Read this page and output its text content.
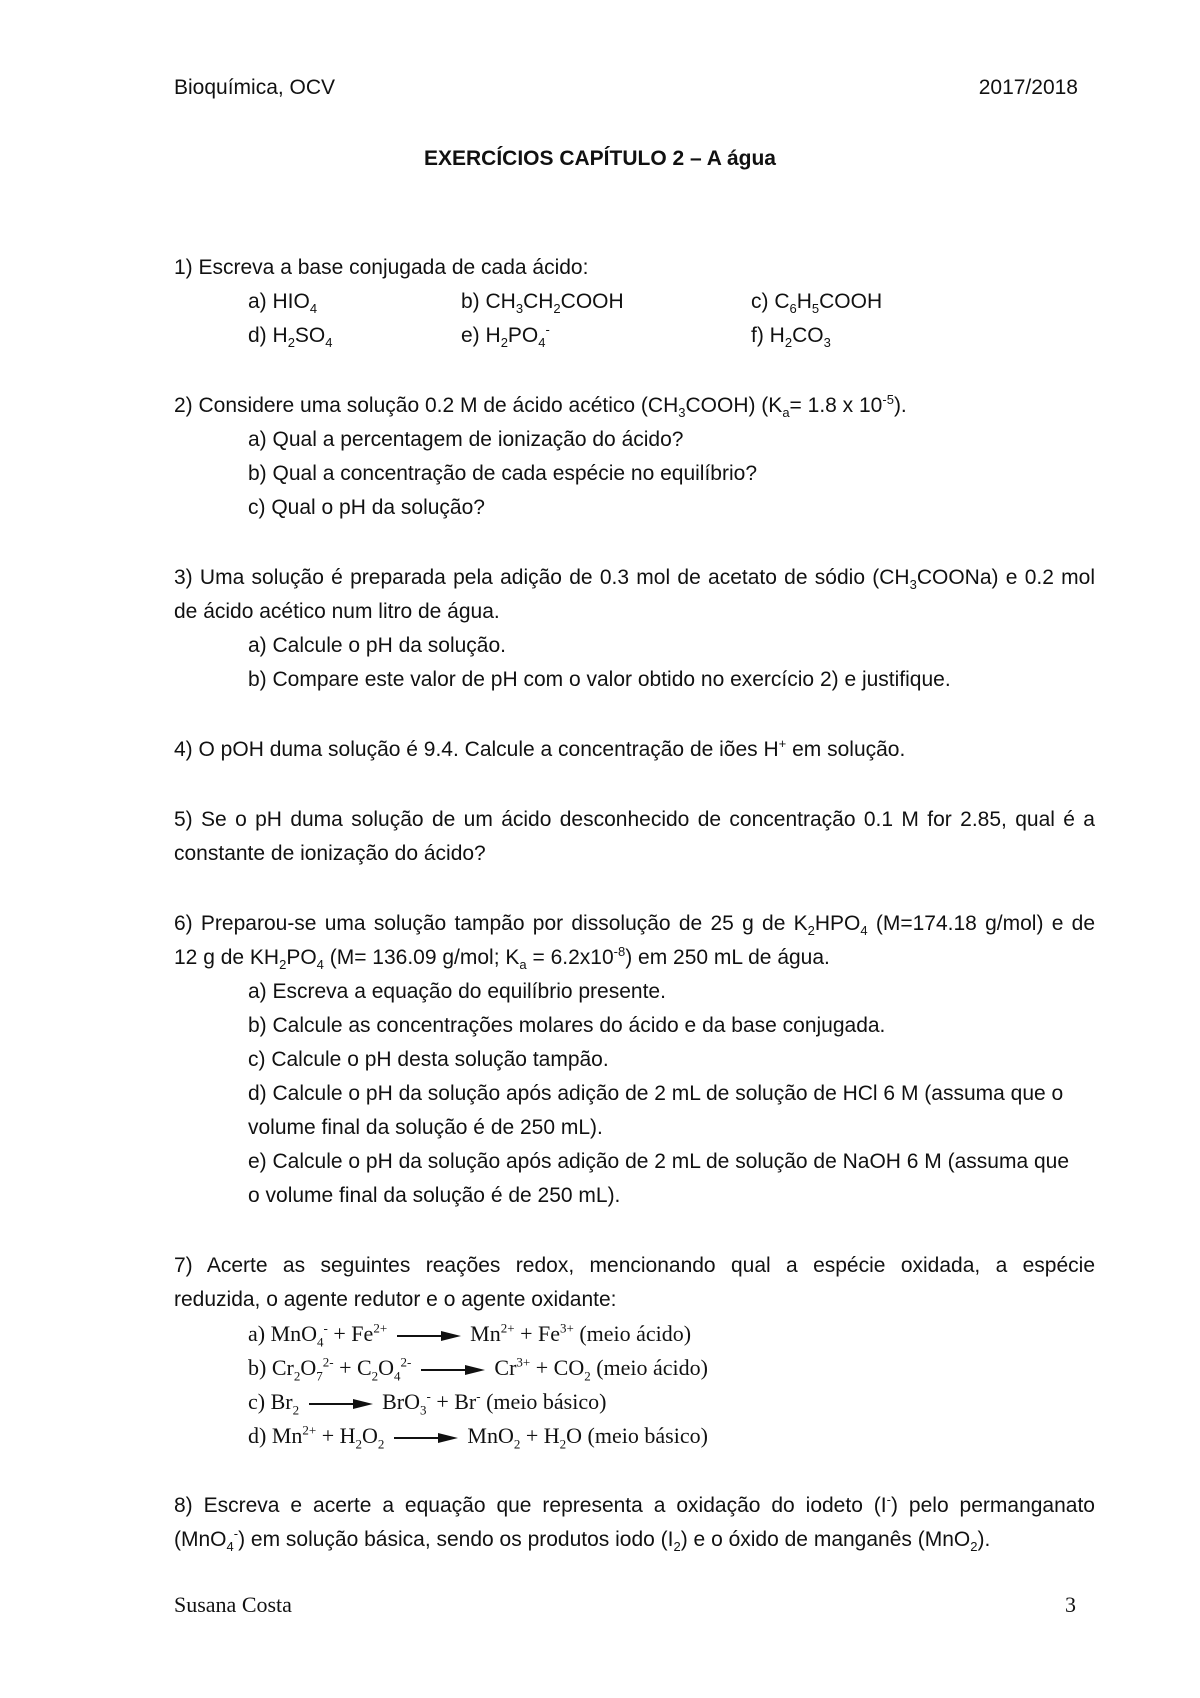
Bioquímica, OCV	2017/2018
EXERCÍCIOS CAPÍTULO 2 – A água
1) Escreva a base conjugada de cada ácido:
a) $HIO_4$	b) $CH_3CH_2COOH$	c) $C_6H_5COOH$
d) $H_2SO_4$	e) $H_2PO_4^-$	f) $H_2CO_3$
2) Considere uma solução 0.2 M de ácido acético $(CH_3COOH)$ ($K_a= 1.8$ x $10^{-5}$).
a) Qual a percentagem de ionização do ácido?
b) Qual a concentração de cada espécie no equilíbrio?
c) Qual o pH da solução?
3) Uma solução é preparada pela adição de 0.3 mol de acetato de sódio $(CH_3COONa)$ e 0.2 mol
de ácido acético num litro de água.
a) Calcule o pH da solução.
b) Compare este valor de pH com o valor obtido no exercício 2) e justifique.
4) O pOH duma solução é 9.4. Calcule a concentração de iões H+ em solução.
5) Se o pH duma solução de um ácido desconhecido de concentração 0.1 M for 2.85, qual é a
constante de ionização do ácido?
6) Preparou-se uma solução tampão por dissolução de 25 g de $K_2HPO_4$ (M=174.18 g/mol) e de
12 g de $KH_2PO_4$ (M= 136.09 g/mol; $K_a = 6.2x10^{-8}$) em 250 mL de água.
a) Escreva a equação do equilíbrio presente.
b) Calcule as concentrações molares do ácido e da base conjugada.
c) Calcule o pH desta solução tampão.
d) Calcule o pH da solução após adição de 2 mL de solução de HCl 6 M (assuma que o
volume final da solução é de 250 mL).
e) Calcule o pH da solução após adição de 2 mL de solução de NaOH 6 M (assuma que
o volume final da solução é de 250 mL).
7) Acerte as seguintes reações redox, mencionando qual a espécie oxidada, a espécie
reduzida, o agente redutor e o agente oxidante:
a) $MnO_4^- + Fe^{2+} \to Mn^{2+} + Fe^{3+}$ (meio ácido)
b) $Cr_2O_7^{2-} + C_2O_4^{2-} \to Cr^{3+} + CO_2$ (meio ácido)
c) $Br_2 \to BrO_3^- + Br^-$ (meio básico)
d) $Mn^{2+} + H_2O_2 \to MnO_2 + H_2O$ (meio básico)
8) Escreva e acerte a equação que representa a oxidação do iodeto (I-) pelo permanganato
(MnO$_4$-) em solução básica, sendo os produtos iodo $(I_2)$ e o óxido de manganês (MnO$_2$).
Susana Costa	3
